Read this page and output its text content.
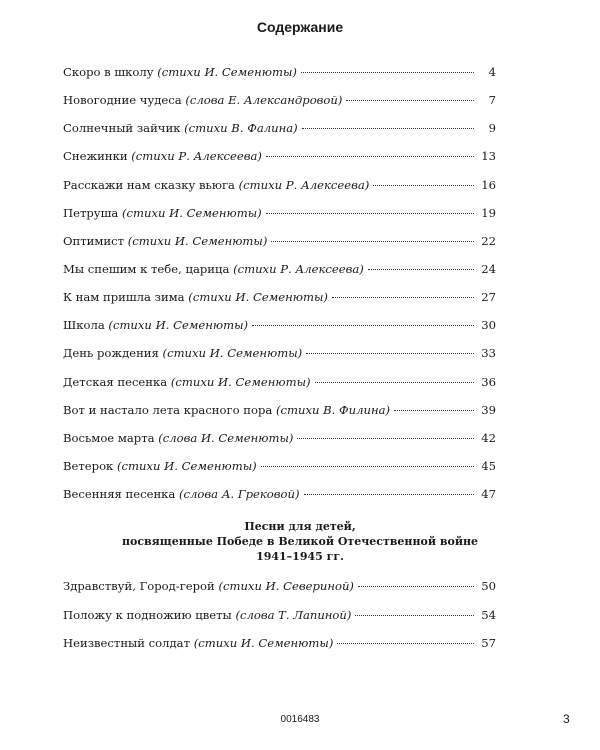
Содержание
Скоро в школу (стихи И. Семенюты)	4
Новогодние чудеса (слова Е. Александровой)	7
Солнечный зайчик (стихи В. Фалина)	9
Снежинки (стихи Р. Алексеева)	13
Расскажи нам сказку вьюга (стихи Р. Алексеева)	16
Петруша (стихи И. Семенюты)	19
Оптимист (стихи И. Семенюты)	22
Мы спешим к тебе, царица (стихи Р. Алексеева)	24
К нам пришла зима (стихи И. Семенюты)	27
Школа (стихи И. Семенюты)	30
День рождения (стихи И. Семенюты)	33
Детская песенка (стихи И. Семенюты)	36
Вот и настало лета красного пора (стихи В. Филина)	39
Восьмое марта (слова И. Семенюты)	42
Ветерок (стихи И. Семенюты)	45
Весенняя песенка (слова А. Грековой)	47
Песни для детей,
посвященные Победе в Великой Отечественной войне
1941–1945 гг.
Здравствуй, Город-герой (стихи И. Севериной)	50
Положу к подножию цветы (слова Т. Лапиной)	54
Неизвестный солдат (стихи И. Семенюты)	57
0016483	3
